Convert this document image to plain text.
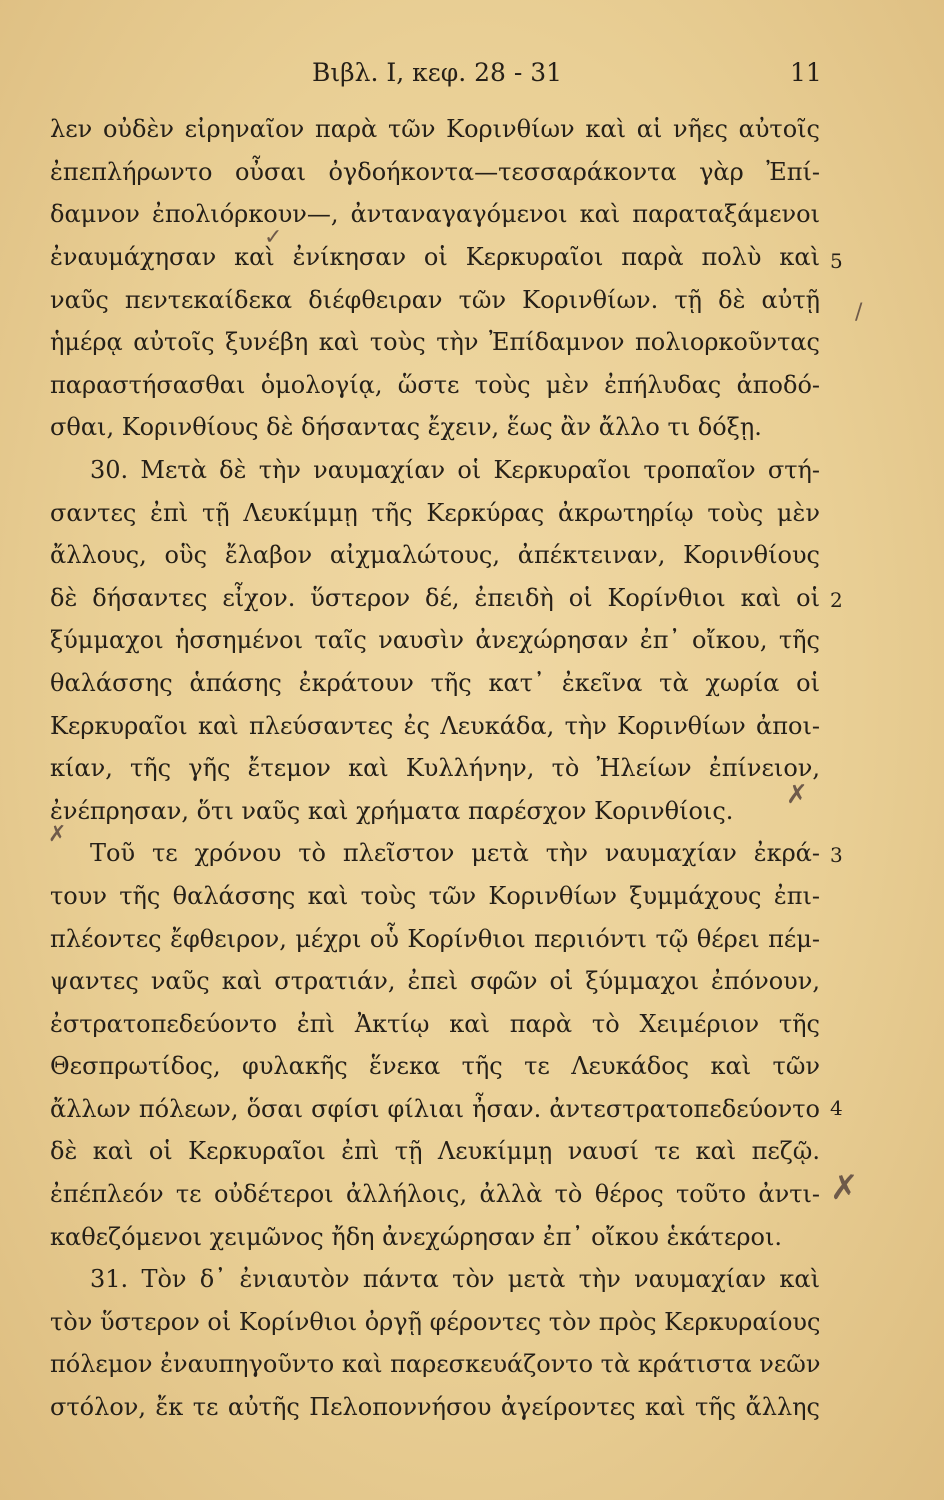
Βιβλ. I, κεφ. 28 - 31	11
λεν οὐδὲν εἰρηναῖον παρὰ τῶν Κορινθίων καὶ αἱ νῆες αὐτοῖς
ἐπεπλήρωντο οὖσαι ὀγδοήκοντα—τεσσαράκοντα γὰρ Ἐπί-
δαμνον ἐπολιόρκουν—, ἀνταναγαγόμενοι καὶ παραταξάμενοι
ἐναυμάχησαν καὶ ἐνίκησαν οἱ Κερκυραῖοι παρὰ πολὺ καὶ
ναῦς πεντεκαίδεκα διέφθειραν τῶν Κορινθίων. τῇ δὲ αὐτῇ
ἡμέρᾳ αὐτοῖς ξυνέβη καὶ τοὺς τὴν Ἐπίδαμνον πολιορκοῦντας
παραστήσασθαι ὁμολογίᾳ, ὥστε τοὺς μὲν ἐπήλυδας ἀποδό-
σθαι, Κορινθίους δὲ δήσαντας ἔχειν, ἕως ἂν ἄλλο τι δόξῃ.
30. Μετὰ δὲ τὴν ναυμαχίαν οἱ Κερκυραῖοι τροπαῖον στή-
σαντες ἐπὶ τῇ Λευκίμμῃ τῆς Κερκύρας ἀκρωτηρίῳ τοὺς μὲν
ἄλλους, οὓς ἔλαβον αἰχμαλώτους, ἀπέκτειναν, Κορινθίους
δὲ δήσαντες εἶχον. ὕστερον δέ, ἐπειδὴ οἱ Κορίνθιοι καὶ οἱ
ξύμμαχοι ἡσσημένοι ταῖς ναυσὶν ἀνεχώρησαν ἐπ᾽ οἴκου, τῆς
θαλάσσης ἁπάσης ἐκράτουν τῆς κατ᾽ ἐκεῖνα τὰ χωρία οἱ
Κερκυραῖοι καὶ πλεύσαντες ἐς Λευκάδα, τὴν Κορινθίων ἀποι-
κίαν, τῆς γῆς ἔτεμον καὶ Κυλλήνην, τὸ Ἠλείων ἐπίνειον,
ἐνέπρησαν, ὅτι ναῦς καὶ χρήματα παρέσχον Κορινθίοις.
Τοῦ τε χρόνου τὸ πλεῖστον μετὰ τὴν ναυμαχίαν ἐκρά-
τουν τῆς θαλάσσης καὶ τοὺς τῶν Κορινθίων ξυμμάχους ἐπι-
πλέοντες ἔφθειρον, μέχρι οὗ Κορίνθιοι περιιόντι τῷ θέρει πέμ-
ψαντες ναῦς καὶ στρατιάν, ἐπεὶ σφῶν οἱ ξύμμαχοι ἐπόνουν,
ἐστρατοπεδεύοντο ἐπὶ Ἀκτίῳ καὶ παρὰ τὸ Χειμέριον τῆς
Θεσπρωτίδος, φυλακῆς ἕνεκα τῆς τε Λευκάδος καὶ τῶν
ἄλλων πόλεων, ὅσαι σφίσι φίλιαι ἦσαν. ἀντεστρατοπεδεύοντο
δὲ καὶ οἱ Κερκυραῖοι ἐπὶ τῇ Λευκίμμῃ ναυσί τε καὶ πεζῷ.
ἐπέπλεόν τε οὐδέτεροι ἀλλήλοις, ἀλλὰ τὸ θέρος τοῦτο ἀντι-
καθεζόμενοι χειμῶνος ἤδη ἀνεχώρησαν ἐπ᾽ οἴκου ἑκάτεροι.
31. Τὸν δ᾽ ἐνιαυτὸν πάντα τὸν μετὰ τὴν ναυμαχίαν καὶ
τὸν ὕστερον οἱ Κορίνθιοι ὀργῇ φέροντες τὸν πρὸς Κερκυραίους
πόλεμον ἐναυπηγοῦντο καὶ παρεσκευάζοντο τὰ κράτιστα νεῶν
στόλον, ἔκ τε αὐτῆς Πελοποννήσου ἀγείροντες καὶ τῆς ἄλλης
5
2
3
4
✓
✗
✗
✗
/
